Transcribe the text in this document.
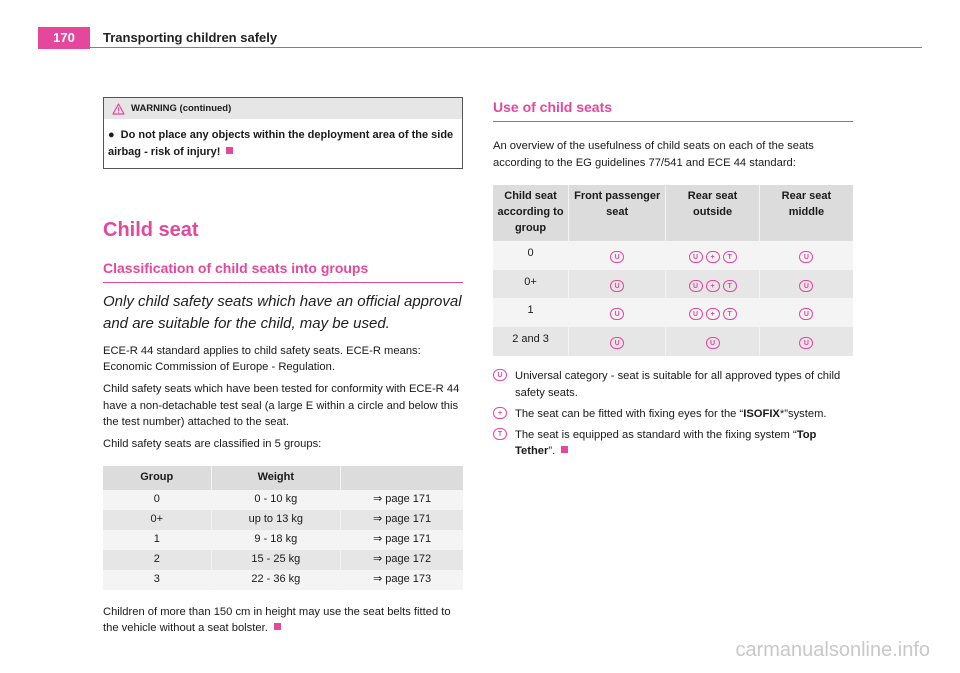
170	Transporting children safely
WARNING (continued)
● Do not place any objects within the deployment area of the side airbag - risk of injury!
Child seat
Classification of child seats into groups

Only child safety seats which have an official approval and are suitable for the child, may be used.

ECE-R 44 standard applies to child safety seats. ECE-R means: Economic Commission of Europe - Regulation.

Child safety seats which have been tested for conformity with ECE-R 44 have a non-detachable test seal (a large E within a circle and below this the test number) attached to the seat.

Child safety seats are classified in 5 groups:

Group	Weight	
0	0 - 10 kg	⇒ page 171
0+	up to 13 kg	⇒ page 171
1	9 - 18 kg	⇒ page 171
2	15 - 25 kg	⇒ page 172
3	22 - 36 kg	⇒ page 173

Children of more than 150 cm in height may use the seat belts fitted to the vehicle without a seat bolster.

Use of child seats

An overview of the usefulness of child seats on each of the seats according to the EG guidelines 77/541 and ECE 44 standard:

Child seat according to group	Front passenger seat	Rear seat outside	Rear seat middle
0	U	U + T	U

0+	U	U + T	U

1	U	U + T	U

2 and 3	U	U	U
U	Universal category - seat is suitable for all approved types of child safety seats.
+	The seat can be fitted with fixing eyes for the “ISOFIX*”system.
T	The seat is equipped as standard with the fixing system “Top Tether”.
carmanualsonline.info
